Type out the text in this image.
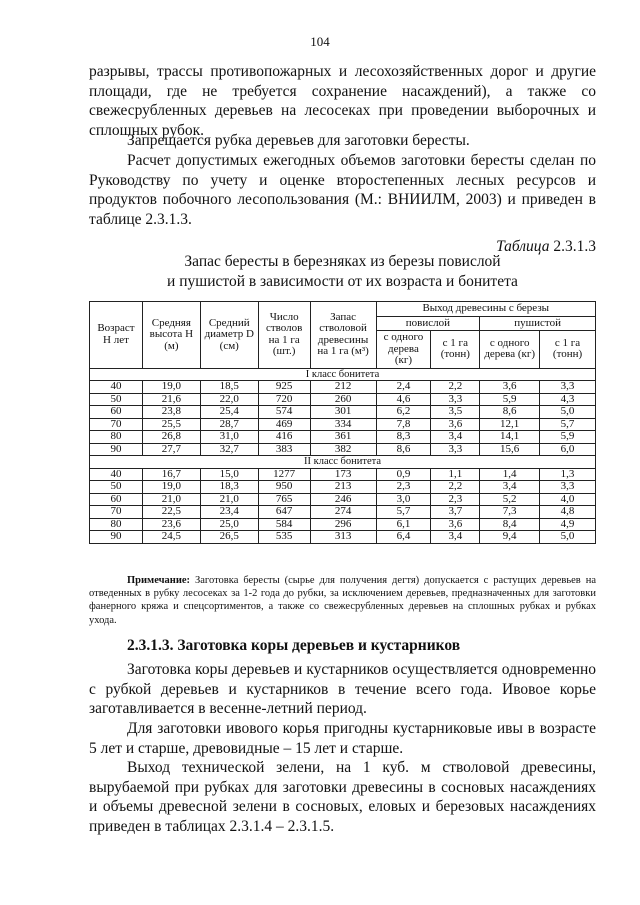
104

разрывы, трассы противопожарных и лесохозяйственных дорог и другие площади, где не требуется сохранение насаждений), а также со свежесрубленных деревьев на лесосеках при проведении выборочных и сплошных рубок.

Запрещается рубка деревьев для заготовки бересты.

Расчет допустимых ежегодных объемов заготовки бересты сделан по Руководству по учету и оценке второстепенных лесных ресурсов и продуктов побочного лесопользования (М.: ВНИИЛМ, 2003) и приведен в таблице 2.3.1.3.

Таблица 2.3.1.3
Запас бересты в березняках из березы повислой
и пушистой в зависимости от их возраста и бонитета
Возраст Н лет	Средняя высота Н (м)	Средний диаметр D (см)	Число стволов на 1 га (шт.)	Запас стволовой древесины на 1 га (м³)	Выход древесины с березы			
					повислой		пушистой	
					с одного дерева (кг)	с 1 га (тонн)	с одного дерева (кг)	с 1 га (тонн)
I класс бонитета								
40	19,0	18,5	925	212	2,4	2,2	3,6	3,3
50	21,6	22,0	720	260	4,6	3,3	5,9	4,3
60	23,8	25,4	574	301	6,2	3,5	8,6	5,0
70	25,5	28,7	469	334	7,8	3,6	12,1	5,7
80	26,8	31,0	416	361	8,3	3,4	14,1	5,9
90	27,7	32,7	383	382	8,6	3,3	15,6	6,0
II класс бонитета								
40	16,7	15,0	1277	173	0,9	1,1	1,4	1,3
50	19,0	18,3	950	213	2,3	2,2	3,4	3,3
60	21,0	21,0	765	246	3,0	2,3	5,2	4,0
70	22,5	23,4	647	274	5,7	3,7	7,3	4,8
80	23,6	25,0	584	296	6,1	3,6	8,4	4,9
90	24,5	26,5	535	313	6,4	3,4	9,4	5,0

Примечание: Заготовка бересты (сырье для получения дегтя) допускается с растущих деревьев на отведенных в рубку лесосеках за 1-2 года до рубки, за исключением деревьев, предназначенных для заготовки фанерного кряжа и спецсортиментов, а также со свежесрубленных деревьев на сплошных рубках и рубках ухода.

2.3.1.3. Заготовка коры деревьев и кустарников

Заготовка коры деревьев и кустарников осуществляется одновременно с рубкой деревьев и кустарников в течение всего года. Ивовое корье заготавливается в весенне-летний период.

Для заготовки ивового корья пригодны кустарниковые ивы в возрасте 5 лет и старше, древовидные – 15 лет и старше.

Выход технической зелени, на 1 куб. м стволовой древесины, вырубаемой при рубках для заготовки древесины в сосновых насаждениях и объемы древесной зелени в сосновых, еловых и березовых насаждениях приведен в таблицах 2.3.1.4 – 2.3.1.5.
